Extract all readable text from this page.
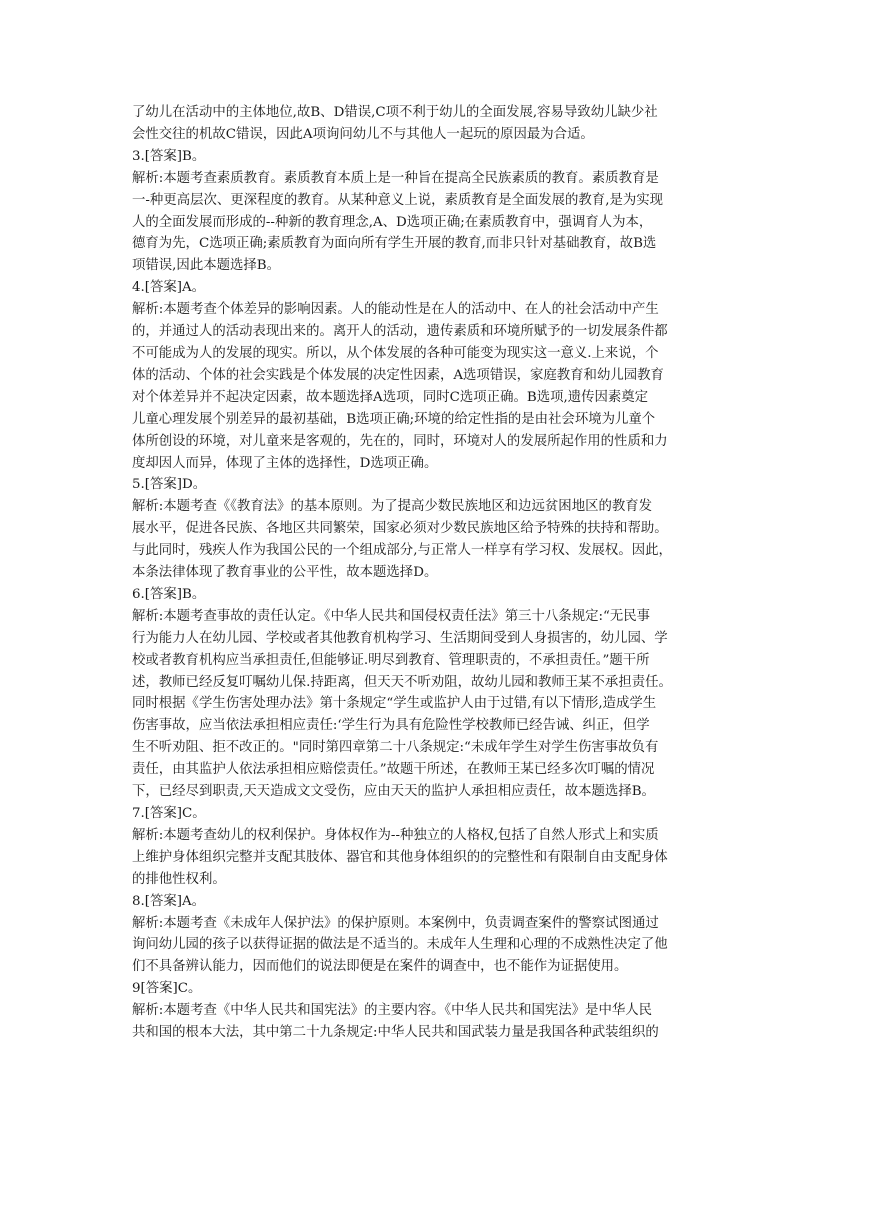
了幼儿在活动中的主体地位,故B、D错误,C项不利于幼儿的全面发展,容易导致幼儿缺少社
会性交往的机故C错误，因此A项询问幼儿不与其他人一起玩的原因最为合适。
3.[答案]B。
解析:本题考查素质教育。素质教育本质上是一种旨在提高全民族素质的教育。素质教育是
一-种更高层次、更深程度的教育。从某种意义上说，素质教育是全面发展的教育,是为实现
人的全面发展而形成的--种新的教育理念,A、D选项正确;在素质教育中，强调育人为本，
德育为先，C选项正确;素质教育为面向所有学生开展的教育,而非只针对基础教育，故B选
项错误,因此本题选择B。
4.[答案]A。
解析:本题考查个体差异的影响因素。人的能动性是在人的活动中、在人的社会活动中产生
的，并通过人的活动表现出来的。离开人的活动，遗传素质和环境所赋予的一切发展条件都
不可能成为人的发展的现实。所以，从个体发展的各种可能变为现实这一意义.上来说，个
体的活动、个体的社会实践是个体发展的决定性因素，A选项错误，家庭教育和幼儿园教育
对个体差异并不起决定因素，故本题选择A选项，同时C选项正确。B选项,遗传因素奠定
儿童心理发展个别差异的最初基础，B选项正确;环境的给定性指的是由社会环境为儿童个
体所创设的环境，对儿童来是客观的，先在的，同时，环境对人的发展所起作用的性质和力
度却因人而异，体现了主体的选择性，D选项正确。
5.[答案]D。
解析:本题考查《《教育法》的基本原则。为了提高少数民族地区和边远贫困地区的教育发
展水平，促进各民族、各地区共同繁荣，国家必须对少数民族地区给予特殊的扶持和帮助。
与此同时，残疾人作为我国公民的一个组成部分,与正常人一样享有学习权、发展权。因此，
本条法律体现了教育事业的公平性，故本题选择D。
6.[答案]B。
解析:本题考查事故的责任认定。《中华人民共和国侵权责任法》第三十八条规定:“无民事
行为能力人在幼儿园、学校或者其他教育机构学习、生活期间受到人身损害的，幼儿园、学
校或者教育机构应当承担责任,但能够证.明尽到教育、管理职责的，不承担责任。”题干所
述，教师已经反复叮嘱幼儿保.持距离，但天天不听劝阻，故幼儿园和教师王某不承担责任。
同时根据《学生伤害处理办法》第十条规定“学生或监护人由于过错,有以下情形,造成学生
伤害事故，应当依法承担相应责任:‘学生行为具有危险性学校教师已经告诫、纠正，但学
生不听劝阻、拒不改正的。"同时第四章第二十八条规定:“未成年学生对学生伤害事故负有
责任，由其监护人依法承担相应赔偿责任。”故题干所述，在教师王某已经多次叮嘱的情况
下，已经尽到职责,天天造成文文受伤，应由天天的监护人承担相应责任，故本题选择B。
7.[答案]C。
解析:本题考查幼儿的权利保护。身体权作为--种独立的人格权,包括了自然人形式上和实质
上维护身体组织完整并支配其肢体、器官和其他身体组织的的完整性和有限制自由支配身体
的排他性权利。
8.[答案]A。
解析:本题考查《未成年人保护法》的保护原则。本案例中，负责调查案件的警察试图通过
询问幼儿园的孩子以获得证据的做法是不适当的。未成年人生理和心理的不成熟性决定了他
们不具备辨认能力，因而他们的说法即便是在案件的调查中，也不能作为证据使用。
9[答案]C。
解析:本题考查《中华人民共和国宪法》的主要内容。《中华人民共和国宪法》是中华人民
共和国的根本大法，其中第二十九条规定:中华人民共和国武装力量是我国各种武装组织的
